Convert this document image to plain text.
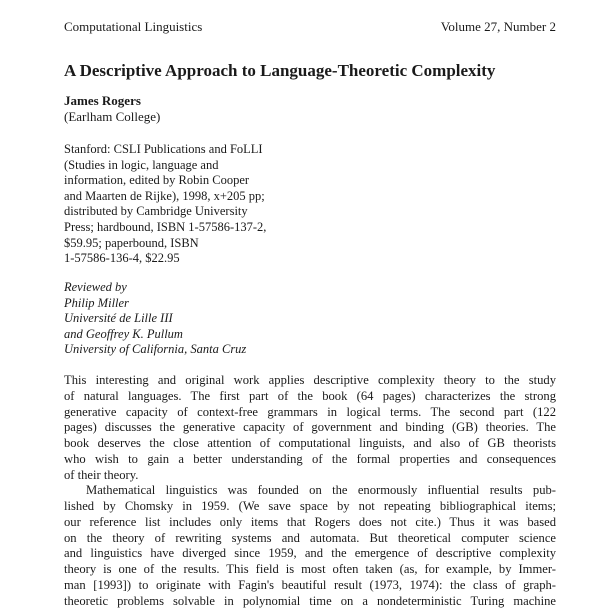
Computational Linguistics	Volume 27, Number 2
A Descriptive Approach to Language-Theoretic Complexity
James Rogers
(Earlham College)
Stanford: CSLI Publications and FoLLI
(Studies in logic, language and
information, edited by Robin Cooper
and Maarten de Rijke), 1998, x+205 pp;
distributed by Cambridge University
Press; hardbound, ISBN 1-57586-137-2,
$59.95; paperbound, ISBN
1-57586-136-4, $22.95
Reviewed by
Philip Miller
Université de Lille III
and Geoffrey K. Pullum
University of California, Santa Cruz
This interesting and original work applies descriptive complexity theory to the study
of natural languages. The first part of the book (64 pages) characterizes the strong
generative capacity of context-free grammars in logical terms. The second part (122
pages) discusses the generative capacity of government and binding (GB) theories. The
book deserves the close attention of computational linguists, and also of GB theorists
who wish to gain a better understanding of the formal properties and consequences
of their theory.
Mathematical linguistics was founded on the enormously influential results pub-
lished by Chomsky in 1959. (We save space by not repeating bibliographical items;
our reference list includes only items that Rogers does not cite.) Thus it was based
on the theory of rewriting systems and automata. But theoretical computer science
and linguistics have diverged since 1959, and the emergence of descriptive complexity
theory is one of the results. This field is most often taken (as, for example, by Immer-
man [1993]) to originate with Fagin's beautiful result (1973, 1974): the class of graph-
theoretic problems solvable in polynomial time on a nondeterministic Turing machine
